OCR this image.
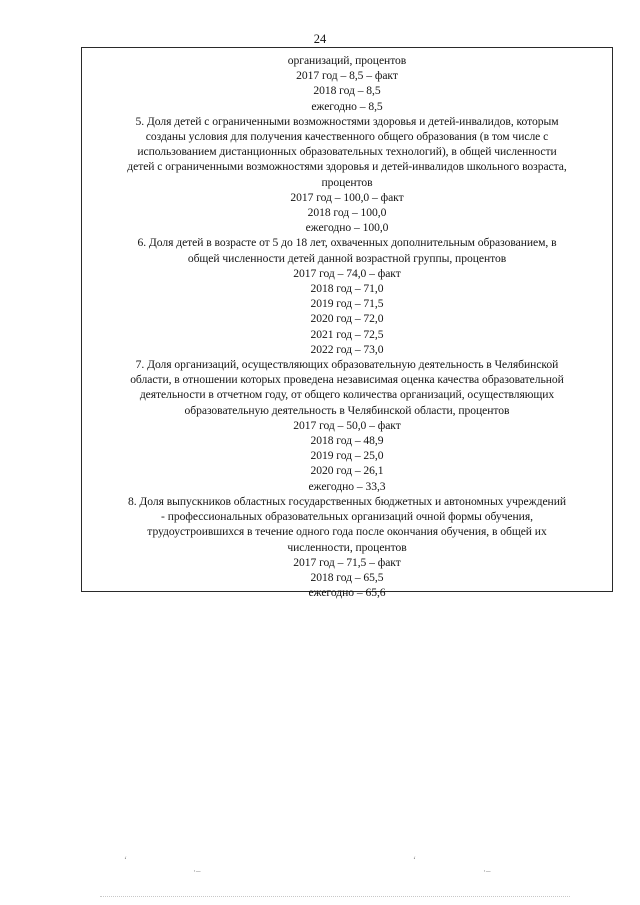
24
организаций, процентов
2017 год – 8,5 – факт
2018 год – 8,5
ежегодно – 8,5
5. Доля детей с ограниченными возможностями здоровья и детей-инвалидов, которым
созданы условия для получения качественного общего образования (в том числе с
использованием дистанционных образовательных технологий), в общей численности
детей с ограниченными возможностями здоровья и детей-инвалидов школьного возраста,
процентов
2017 год – 100,0 – факт
2018 год – 100,0
ежегодно – 100,0
6. Доля детей в возрасте от 5 до 18 лет, охваченных дополнительным образованием, в
общей численности детей данной возрастной группы, процентов
2017 год – 74,0 – факт
2018 год – 71,0
2019 год – 71,5
2020 год – 72,0
2021 год – 72,5
2022 год – 73,0
7. Доля организаций, осуществляющих образовательную деятельность в Челябинской
области, в отношении которых проведена независимая оценка качества образовательной
деятельности в отчетном году, от общего количества организаций, осуществляющих
образовательную деятельность в Челябинской области, процентов
2017 год – 50,0 – факт
2018 год – 48,9
2019 год – 25,0
2020 год – 26,1
ежегодно – 33,3
8. Доля выпускников областных государственных бюджетных и автономных учреждений
- профессиональных образовательных организаций очной формы обучения,
трудоустроившихся в течение одного года после окончания обучения, в общей их
численности, процентов
2017 год – 71,5 – факт
2018 год – 65,5
ежегодно – 65,6
‘
·–
‘
·–
